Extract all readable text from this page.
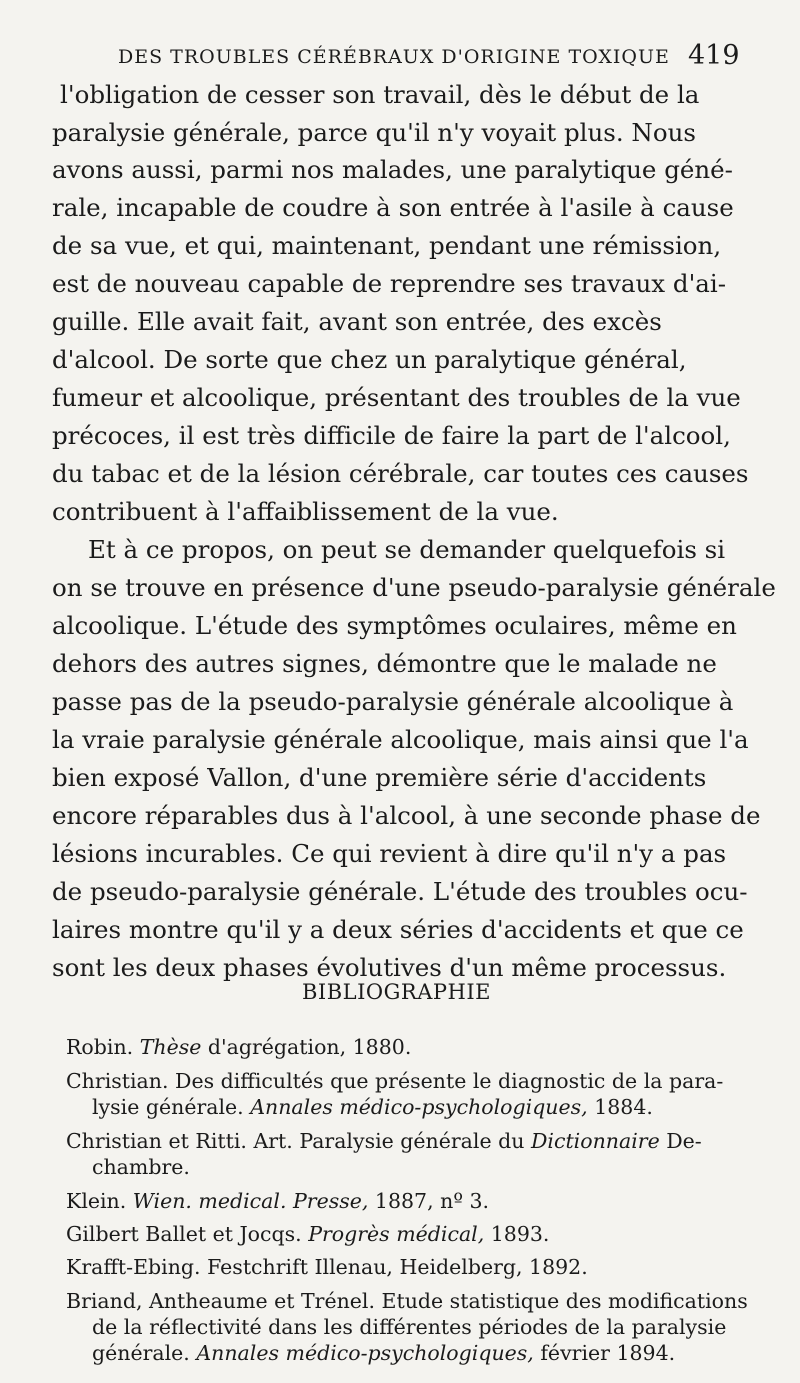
DES TROUBLES CÉRÉBRAUX D'ORIGINE TOXIQUE 419
l'obligation de cesser son travail, dès le début de la
paralysie générale, parce qu'il n'y voyait plus. Nous
avons aussi, parmi nos malades, une paralytique géné-
rale, incapable de coudre à son entrée à l'asile à cause
de sa vue, et qui, maintenant, pendant une rémission,
est de nouveau capable de reprendre ses travaux d'ai-
guille. Elle avait fait, avant son entrée, des excès
d'alcool. De sorte que chez un paralytique général,
fumeur et alcoolique, présentant des troubles de la vue
précoces, il est très difficile de faire la part de l'alcool,
du tabac et de la lésion cérébrale, car toutes ces causes
contribuent à l'affaiblissement de la vue.
Et à ce propos, on peut se demander quelquefois si
on se trouve en présence d'une pseudo-paralysie générale
alcoolique. L'étude des symptômes oculaires, même en
dehors des autres signes, démontre que le malade ne
passe pas de la pseudo-paralysie générale alcoolique à
la vraie paralysie générale alcoolique, mais ainsi que l'a
bien exposé Vallon, d'une première série d'accidents
encore réparables dus à l'alcool, à une seconde phase de
lésions incurables. Ce qui revient à dire qu'il n'y a pas
de pseudo-paralysie générale. L'étude des troubles ocu-
laires montre qu'il y a deux séries d'accidents et que ce
sont les deux phases évolutives d'un même processus.
BIBLIOGRAPHIE
Robin. Thèse d'agrégation, 1880.
Christian. Des difficultés que présente le diagnostic de la para-
lysie générale. Annales médico-psychologiques, 1884.
Christian et Ritti. Art. Paralysie générale du Dictionnaire De-
chambre.
Klein. Wien. medical. Presse, 1887, nº 3.
Gilbert Ballet et Jocqs. Progrès médical, 1893.
Krafft-Ebing. Festchrift Illenau, Heidelberg, 1892.
Briand, Antheaume et Trénel. Etude statistique des modifications
de la réflectivité dans les différentes périodes de la paralysie
générale. Annales médico-psychologiques, février 1894.
